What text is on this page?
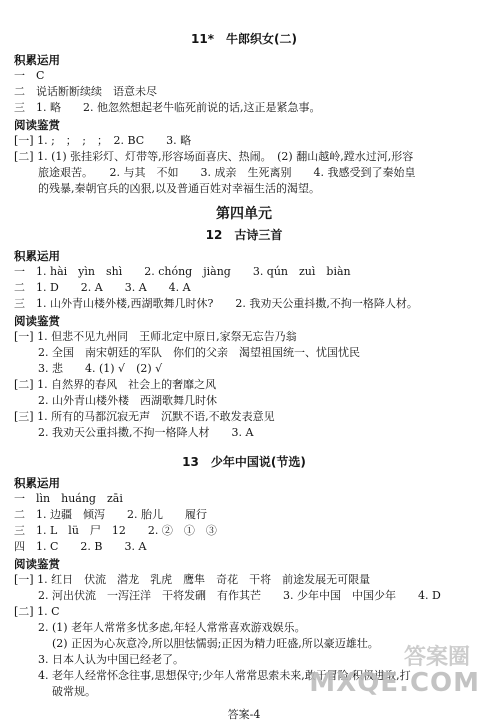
11*　牛郎织女(二)
积累运用
一　C
二　说话断断续续　语意未尽
三　1. 略　　2. 他忽然想起老牛临死前说的话,这正是紧急事。
阅读鉴赏
[一] 1. ;　；　;　；　2. BC　　3. 略
[二] 1. (1) 张挂彩灯、灯带等,形容场面喜庆、热闹。　(2) 翻山越岭,蹚水过河,形容
旅途艰苦。　　2. 与其　不如　　3. 成亲　生死离别　　4. 我感受到了秦始皇
的残暴,秦朝官兵的凶狠,以及普通百姓对幸福生活的渴望。
第四单元
12　古诗三首
积累运用
一　1. hài　yìn　shì　　2. chóng　jiàng　　3. qún　zuì　biàn
二　1. D　　2. A　　3. A　　4. A
三　1. 山外青山楼外楼,西湖歌舞几时休?　　2. 我劝天公重抖擞,不拘一格降人材。
阅读鉴赏
[一] 1. 但悲不见九州同　王师北定中原日,家祭无忘告乃翁
2. 全国　南宋朝廷的军队　你们的父亲　渴望祖国统一、忧国忧民
3. 悲　　4. (1) √　(2) √
[二] 1. 自然界的春风　社会上的奢靡之风
2. 山外青山楼外楼　西湖歌舞几时休
[三] 1. 所有的马都沉寂无声　沉默不语,不敢发表意见
2. 我劝天公重抖擞,不拘一格降人材　　3. A
13　少年中国说(节选)
积累运用
一　lìn　huáng　zāi
二　1. 边疆　倾泻　　2. 胎儿　　履行
三　1. L　lü　尸　12　　2. ②　①　③
四　1. C　　2. B　　3. A
阅读鉴赏
[一] 1. 红日　伏流　潜龙　乳虎　鹰隼　奇花　干将　前途发展无可限量
2. 河出伏流　一泻汪洋　干将发硎　有作其芒　　3. 少年中国　中国少年　　4. D
[二] 1. C
2. (1) 老年人常常多忧多虑,年轻人常常喜欢游戏娱乐。
(2) 正因为心灰意冷,所以胆怯懦弱;正因为精力旺盛,所以豪迈雄壮。
3. 日本人认为中国已经老了。
4. 老年人经常怀念往事,思想保守;少年人常常思索未来,敢于冒险,积极进取,打
破常规。
答案圈
MXQE.COM
答案-4
